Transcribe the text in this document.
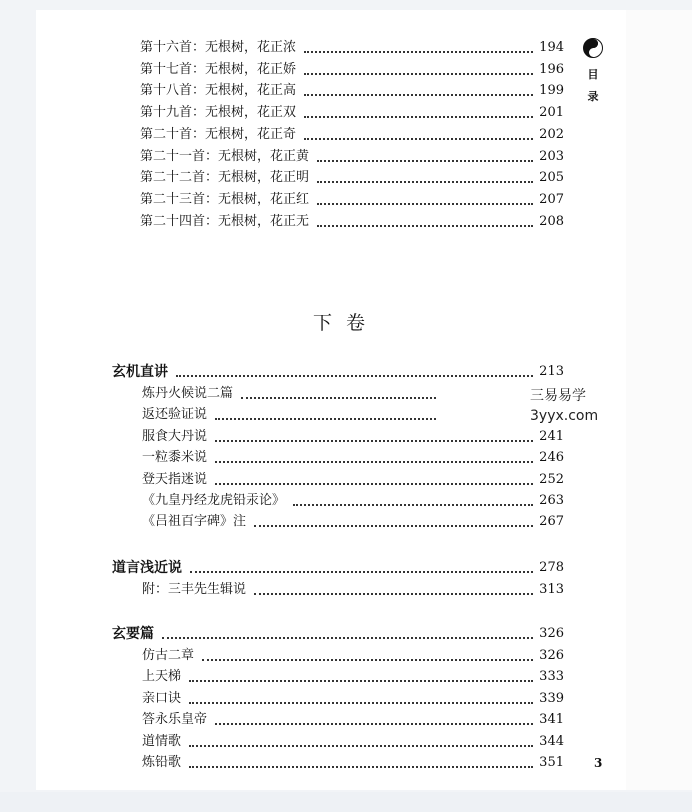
目
录
第十六首：无根树，花正浓	194
第十七首：无根树，花正娇	196
第十八首：无根树，花正高	199
第十九首：无根树，花正双	201
第二十首：无根树，花正奇	202
第二十一首：无根树，花正黄	203
第二十二首：无根树，花正明	205
第二十三首：无根树，花正红	207
第二十四首：无根树，花正无	208
玄机直讲	213
炼丹火候说二篇
返还验证说
服食大丹说	241
一粒黍米说	246
登天指迷说	252
《九皇丹经龙虎铅汞论》	263
《吕祖百字碑》注	267
道言浅近说	278
附：三丰先生辑说	313
玄要篇	326
仿古二章	326
上天梯	333
亲口诀	339
答永乐皇帝	341
道情歌	344
炼铅歌	351
下卷
三易易学
3yyx.com
3
